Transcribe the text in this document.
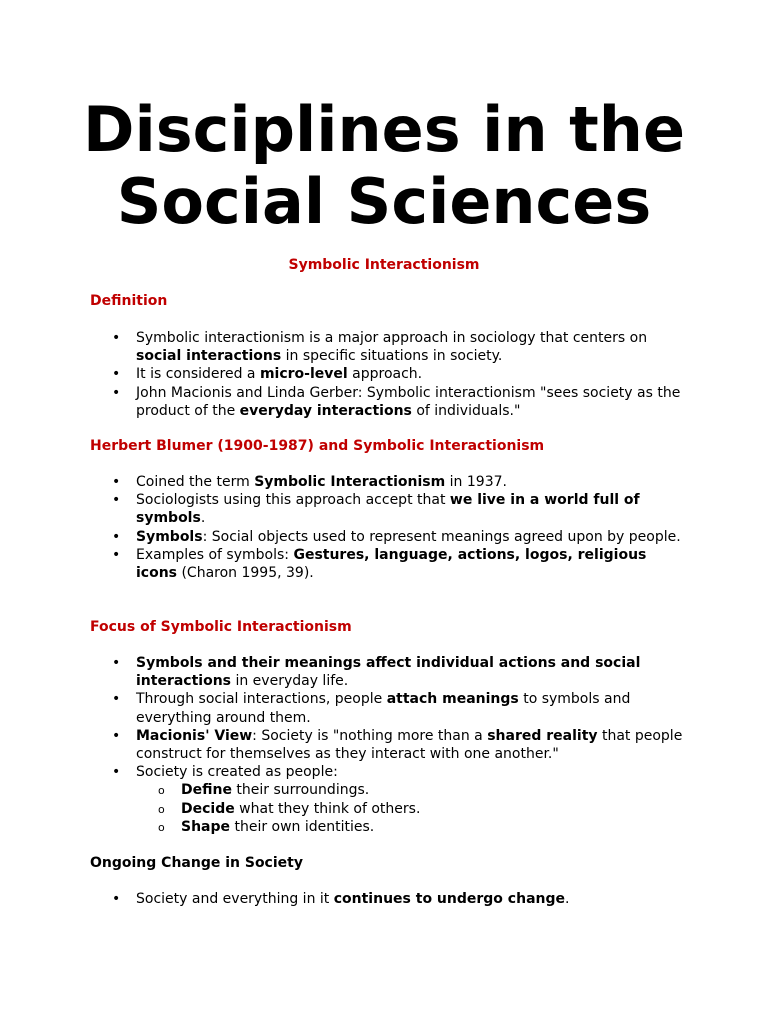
Disciplines in the
Social Sciences
Symbolic Interactionism
Definition
• Symbolic interactionism is a major approach in sociology that centers on social interactions in specific situations in society.
• It is considered a micro-level approach.
• John Macionis and Linda Gerber: Symbolic interactionism "sees society as the product of the everyday interactions of individuals."
Herbert Blumer (1900-1987) and Symbolic Interactionism
• Coined the term Symbolic Interactionism in 1937.
• Sociologists using this approach accept that we live in a world full of symbols.
• Symbols: Social objects used to represent meanings agreed upon by people.
• Examples of symbols: Gestures, language, actions, logos, religious icons (Charon 1995, 39).
Focus of Symbolic Interactionism
• Symbols and their meanings affect individual actions and social interactions in everyday life.
• Through social interactions, people attach meanings to symbols and everything around them.
• Macionis' View: Society is "nothing more than a shared reality that people construct for themselves as they interact with one another."
• Society is created as people:
o Define their surroundings.
o Decide what they think of others.
o Shape their own identities.
Ongoing Change in Society
• Society and everything in it continues to undergo change.
